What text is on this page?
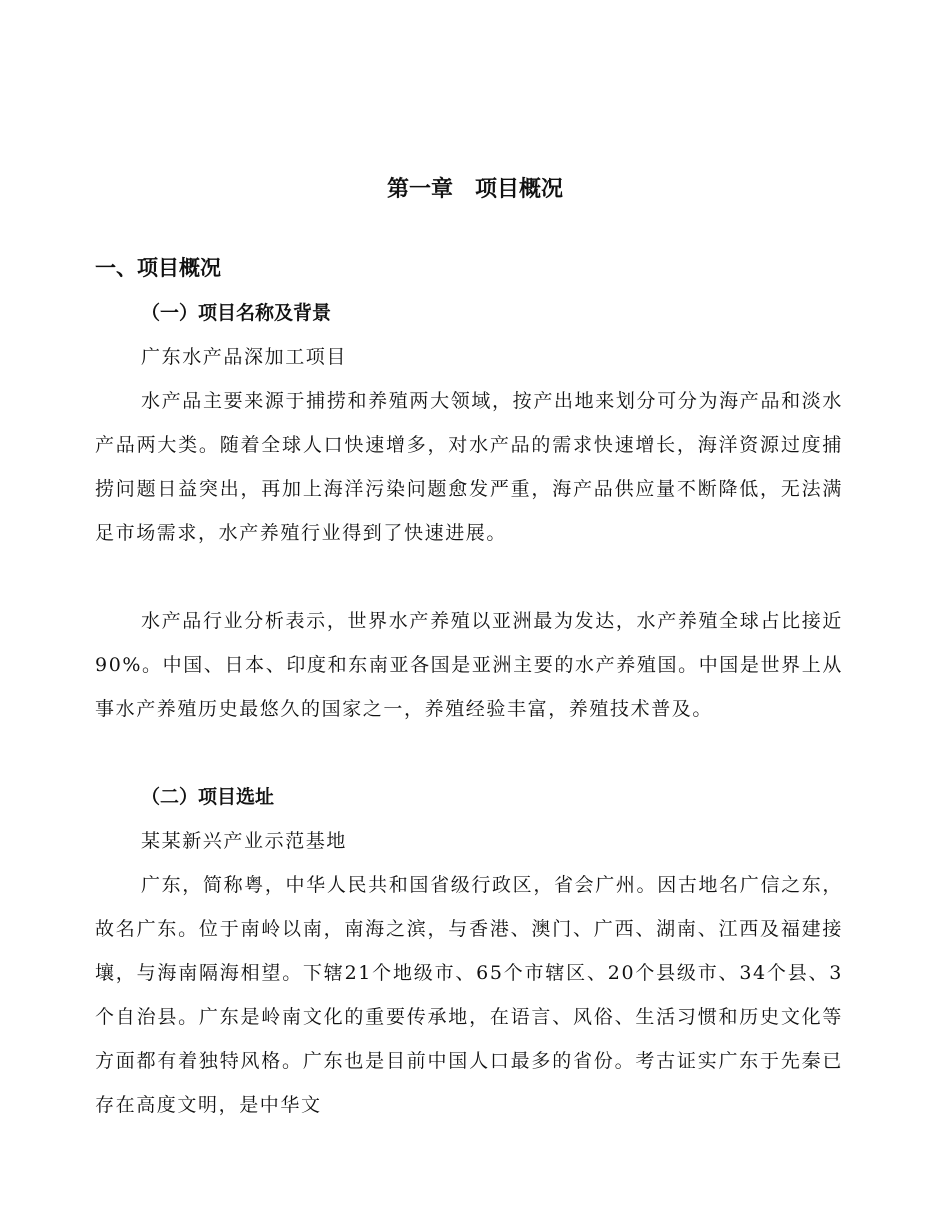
第一章　项目概况
一、项目概况
（一）项目名称及背景

广东水产品深加工项目

水产品主要来源于捕捞和养殖两大领域，按产出地来划分可分为海产品和淡水产品两大类。随着全球人口快速增多，对水产品的需求快速增长，海洋资源过度捕捞问题日益突出，再加上海洋污染问题愈发严重，海产品供应量不断降低，无法满足市场需求，水产养殖行业得到了快速进展。

水产品行业分析表示，世界水产养殖以亚洲最为发达，水产养殖全球占比接近90%。中国、日本、印度和东南亚各国是亚洲主要的水产养殖国。中国是世界上从事水产养殖历史最悠久的国家之一，养殖经验丰富，养殖技术普及。

（二）项目选址

某某新兴产业示范基地

广东，简称粤，中华人民共和国省级行政区，省会广州。因古地名广信之东，故名广东。位于南岭以南，南海之滨，与香港、澳门、广西、湖南、江西及福建接壤，与海南隔海相望。下辖21个地级市、65个市辖区、20个县级市、34个县、3个自治县。广东是岭南文化的重要传承地，在语言、风俗、生活习惯和历史文化等方面都有着独特风格。广东也是目前中国人口最多的省份。考古证实广东于先秦已存在高度文明，是中华文
